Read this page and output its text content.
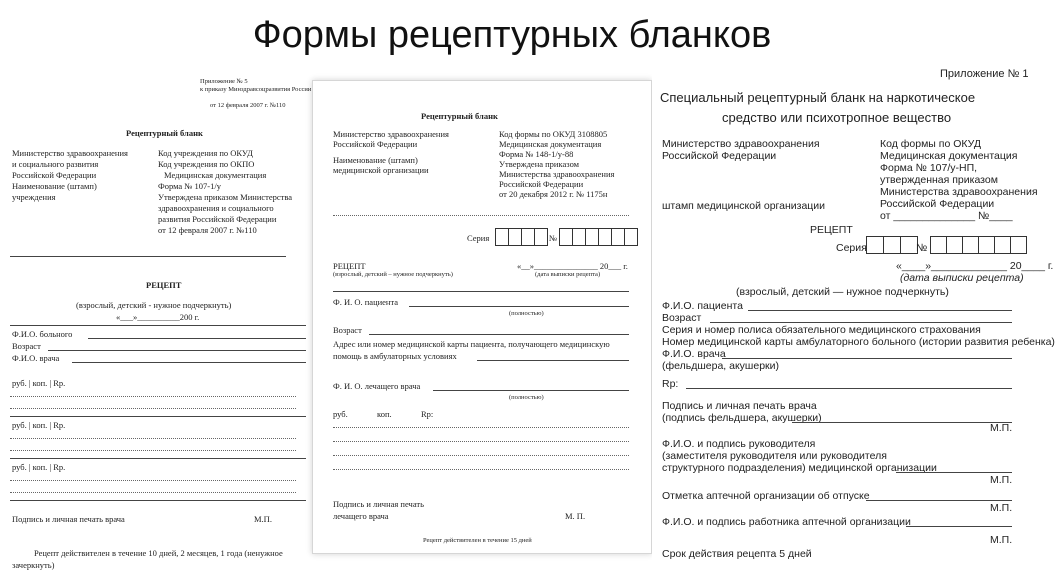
Формы рецептурных бланков
Приложение № 5
к приказу Минздравсоцразвития России
от 12 февраля 2007 г. №110
Рецептурный бланк
Министерство здравоохранения
и социального развития
Российской Федерации
Наименование (штамп)
учреждения
Код учреждения по ОКУД
Код учреждения по ОКПО
Медицинская документация
Форма № 107-1/у
Утверждена приказом Министерства
здравоохранения и социального
развития Российской Федерации
от 12 февраля 2007 г. №110
РЕЦЕПТ
(взрослый, детский - нужное подчеркнуть)
«___»__________200 г.
Ф.И.О. больного
Возраст
Ф.И.О. врача
руб. | коп. | Rp.
руб. | коп. | Rp.
руб. | коп. | Rp.
Подпись и личная печать врача	М.П.
Рецепт действителен в течение 10 дней, 2 месяцев, 1 года (ненужное
зачеркнуть)
Рецептурный бланк
Министерство здравоохранения
Российской Федерации
Наименование (штамп)
медицинской организации
Код формы по ОКУД 3108805
Медицинская документация
Форма № 148-1/у-88
Утверждена приказом
Министерства здравоохранения
Российской Федерации
от 20 декабря 2012 г. № 1175н
Серия	№
РЕЦЕПТ	«__»_______________ 20___ г.
(взрослый, детский – нужное подчеркнуть)	(дата выписки рецепта)
Ф. И. О. пациента
(полностью)
Возраст
Адрес или номер медицинской карты пациента, получающего медицинскую
помощь в амбулаторных условиях
Ф. И. О. лечащего врача
(полностью)
руб.	коп.	Rp:
Подпись и личная печать
лечащего врача	М. П.
Рецепт действителен в течение 15 дней
Приложение № 1
Специальный рецептурный бланк на наркотическое
средство или психотропное вещество
Министерство здравоохранения
Российской Федерации
Код формы по ОКУД
Медицинская документация
Форма № 107/у-НП,
утвержденная приказом
Министерства здравоохранения
Российской Федерации
от ______________ №____
штамп медицинской организации
РЕЦЕПТ
Серия	№
«____»_____________ 20____ г.
(дата выписки рецепта)
(взрослый, детский — нужное подчеркнуть)
Ф.И.О. пациента
Возраст
Серия и номер полиса обязательного медицинского страхования
Номер медицинской карты амбулаторного больного (истории развития ребенка)
Ф.И.О. врача
(фельдшера, акушерки)
Rp:
Подпись и личная печать врача
(подпись фельдшера, акушерки)
М.П.
Ф.И.О. и подпись руководителя
(заместителя руководителя или руководителя
структурного подразделения) медицинской организации
М.П.
Отметка аптечной организации об отпуске
М.П.
Ф.И.О. и подпись работника аптечной организации
М.П.
Срок действия рецепта 5 дней
